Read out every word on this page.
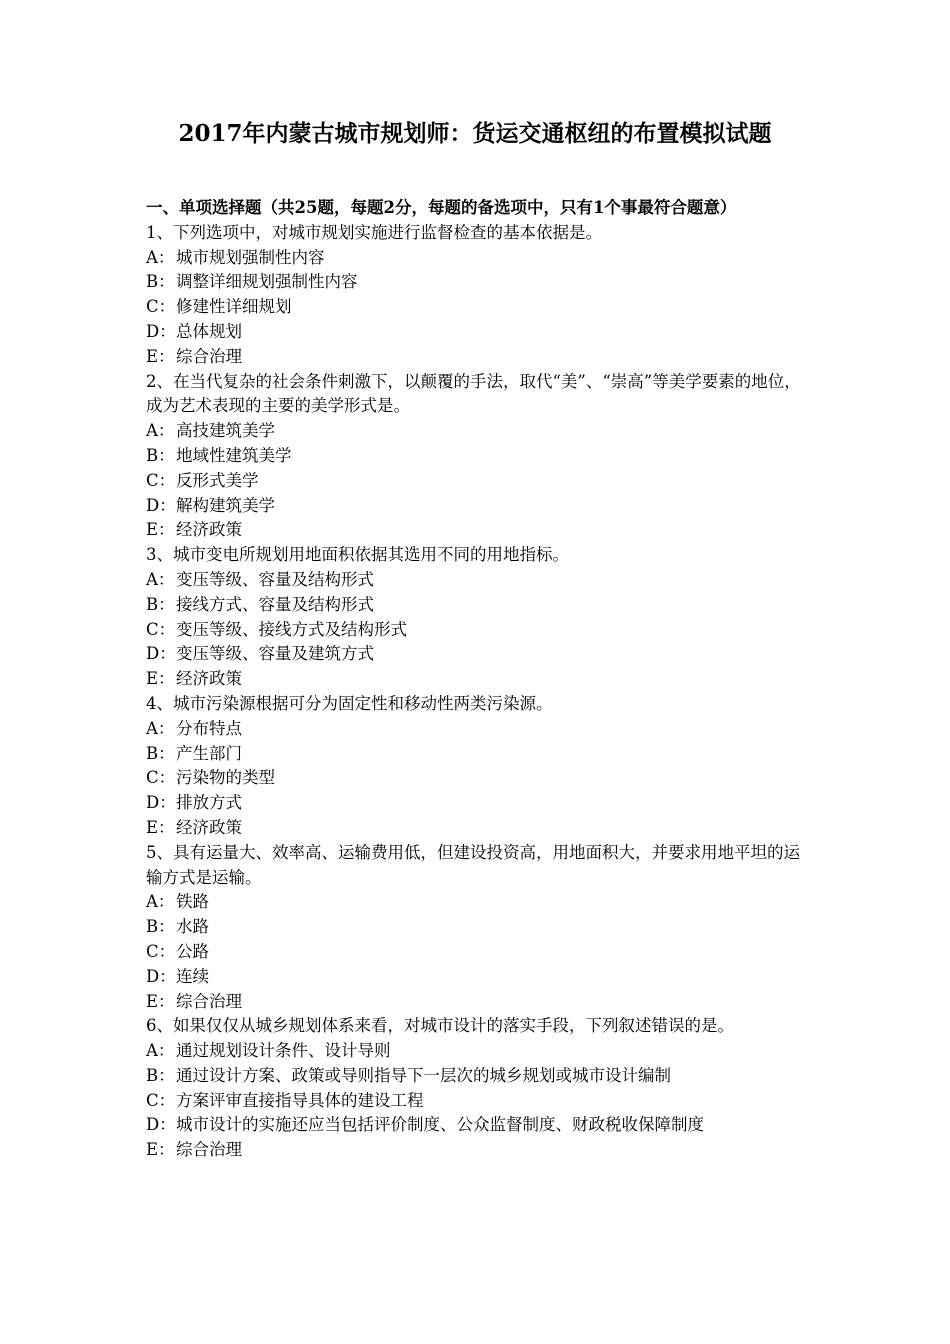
2017年内蒙古城市规划师：货运交通枢纽的布置模拟试题

一、单项选择题（共25题，每题2分，每题的备选项中，只有1个事最符合题意）

1、下列选项中，对城市规划实施进行监督检查的基本依据是。

A：城市规划强制性内容

B：调整详细规划强制性内容

C：修建性详细规划

D：总体规划

E：综合治理

2、在当代复杂的社会条件刺激下，以颠覆的手法，取代“美”、“崇高”等美学要素的地位，成为艺术表现的主要的美学形式是。

A：高技建筑美学

B：地域性建筑美学

C：反形式美学

D：解构建筑美学

E：经济政策

3、城市变电所规划用地面积依据其选用不同的用地指标。

A：变压等级、容量及结构形式

B：接线方式、容量及结构形式

C：变压等级、接线方式及结构形式

D：变压等级、容量及建筑方式

E：经济政策

4、城市污染源根据可分为固定性和移动性两类污染源。

A：分布特点

B：产生部门

C：污染物的类型

D：排放方式

E：经济政策

5、具有运量大、效率高、运输费用低，但建设投资高，用地面积大，并要求用地平坦的运输方式是运输。

A：铁路

B：水路

C：公路

D：连续

E：综合治理

6、如果仅仅从城乡规划体系来看，对城市设计的落实手段，下列叙述错误的是。

A：通过规划设计条件、设计导则

B：通过设计方案、政策或导则指导下一层次的城乡规划或城市设计编制

C：方案评审直接指导具体的建设工程

D：城市设计的实施还应当包括评价制度、公众监督制度、财政税收保障制度

E：综合治理
